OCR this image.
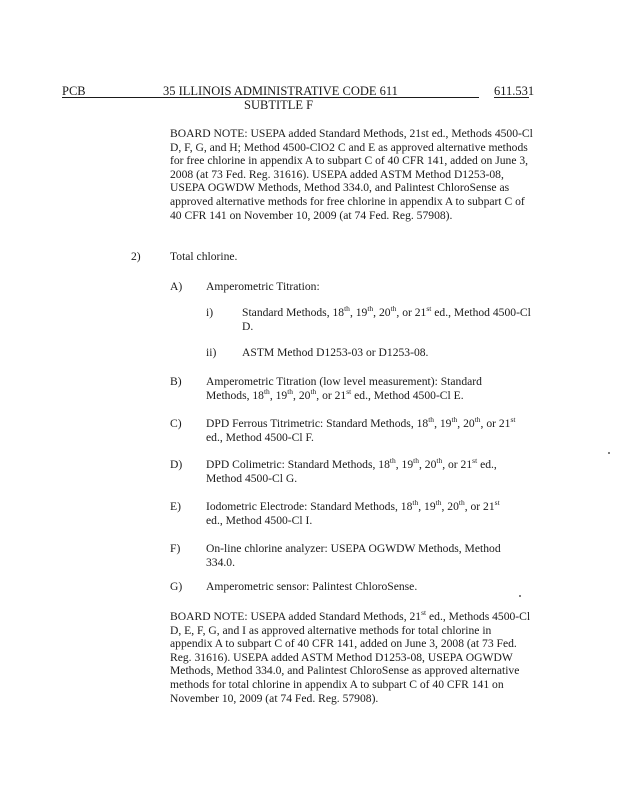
PCB	35 ILLINOIS ADMINISTRATIVE CODE 611	611.531
SUBTITLE F

BOARD NOTE: USEPA added Standard Methods, 21st ed., Methods 4500-Cl D, F, G, and H; Method 4500-ClO2 C and E as approved alternative methods for free chlorine in appendix A to subpart C of 40 CFR 141, added on June 3, 2008 (at 73 Fed. Reg. 31616). USEPA added ASTM Method D1253-08, USEPA OGWDW Methods, Method 334.0, and Palintest ChloroSense as approved alternative methods for free chlorine in appendix A to subpart C of 40 CFR 141 on November 10, 2009 (at 74 Fed. Reg. 57908).

2)	Total chlorine.
A) Amperometric Titration:
i) Standard Methods, 18th, 19th, 20th, or 21st ed., Method 4500-Cl D.

ii) ASTM Method D1253-03 or D1253-08.
B) Amperometric Titration (low level measurement): Standard Methods, 18th, 19th, 20th, or 21st ed., Method 4500-Cl E.

C) DPD Ferrous Titrimetric: Standard Methods, 18th, 19th, 20th, or 21st ed., Method 4500-Cl F.

D) DPD Colimetric: Standard Methods, 18th, 19th, 20th, or 21st ed., Method 4500-Cl G.

E) Iodometric Electrode: Standard Methods, 18th, 19th, 20th, or 21st ed., Method 4500-Cl I.

F) On-line chlorine analyzer: USEPA OGWDW Methods, Method 334.0.

G) Amperometric sensor: Palintest ChloroSense.

BOARD NOTE: USEPA added Standard Methods, 21st ed., Methods 4500-Cl D, E, F, G, and I as approved alternative methods for total chlorine in appendix A to subpart C of 40 CFR 141, added on June 3, 2008 (at 73 Fed. Reg. 31616). USEPA added ASTM Method D1253-08, USEPA OGWDW Methods, Method 334.0, and Palintest ChloroSense as approved alternative methods for total chlorine in appendix A to subpart C of 40 CFR 141 on November 10, 2009 (at 74 Fed. Reg. 57908).
